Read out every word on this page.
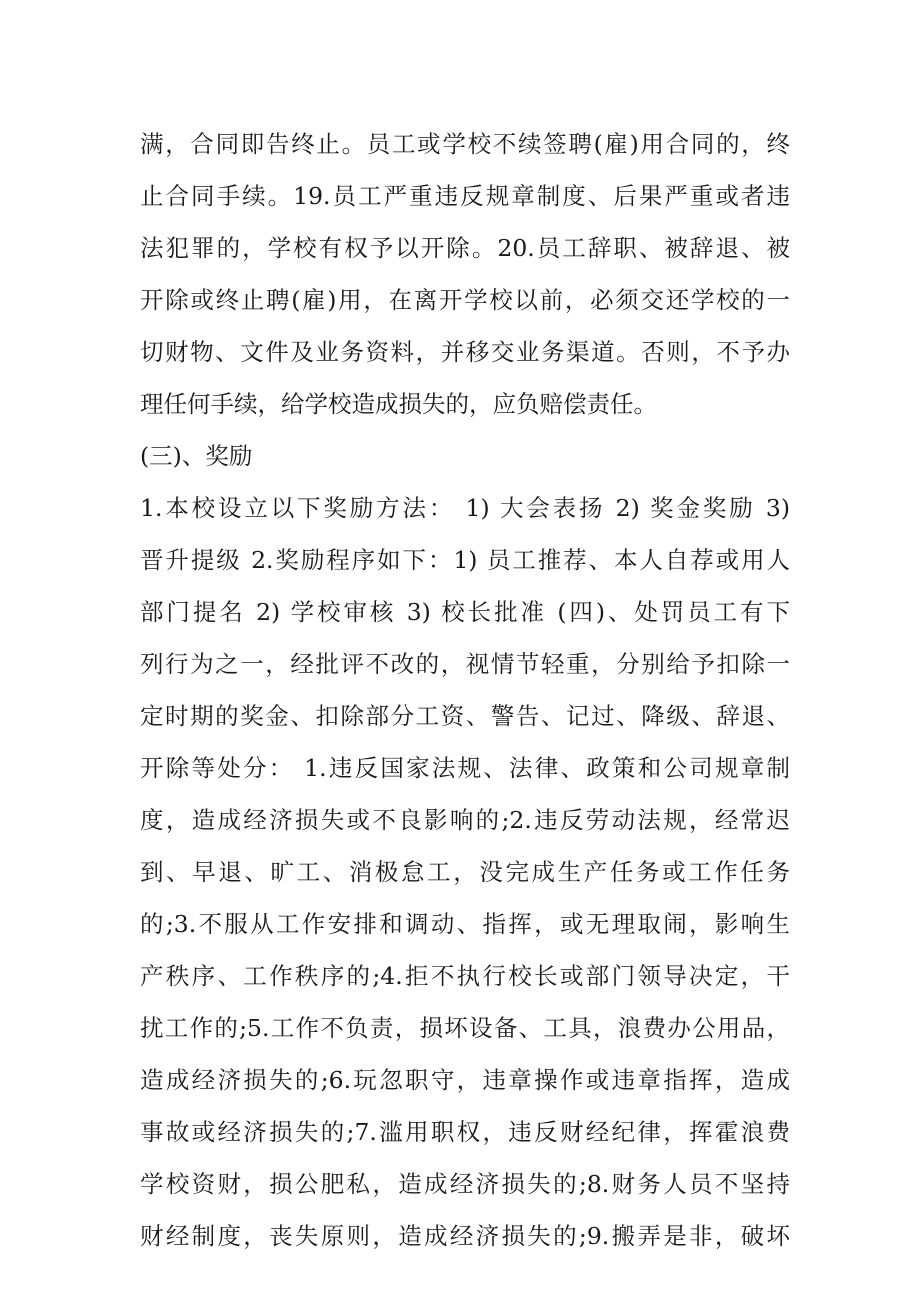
满，合同即告终止。员工或学校不续签聘(雇)用合同的，终
止合同手续。19.员工严重违反规章制度、后果严重或者违
法犯罪的，学校有权予以开除。20.员工辞职、被辞退、被
开除或终止聘(雇)用，在离开学校以前，必须交还学校的一
切财物、文件及业务资料，并移交业务渠道。否则，不予办
理任何手续，给学校造成损失的，应负赔偿责任。
(三)、奖励
1.本校设立以下奖励方法： 1) 大会表扬 2) 奖金奖励 3)
晋升提级 2.奖励程序如下：1) 员工推荐、本人自荐或用人
部门提名 2) 学校审核 3) 校长批准 (四)、处罚员工有下
列行为之一，经批评不改的，视情节轻重，分别给予扣除一
定时期的奖金、扣除部分工资、警告、记过、降级、辞退、
开除等处分： 1.违反国家法规、法律、政策和公司规章制
度，造成经济损失或不良影响的;2.违反劳动法规，经常迟
到、早退、旷工、消极怠工，没完成生产任务或工作任务
的;3.不服从工作安排和调动、指挥，或无理取闹，影响生
产秩序、工作秩序的;4.拒不执行校长或部门领导决定，干
扰工作的;5.工作不负责，损坏设备、工具，浪费办公用品，
造成经济损失的;6.玩忽职守，违章操作或违章指挥，造成
事故或经济损失的;7.滥用职权，违反财经纪律，挥霍浪费
学校资财，损公肥私，造成经济损失的;8.财务人员不坚持
财经制度，丧失原则，造成经济损失的;9.搬弄是非，破坏
